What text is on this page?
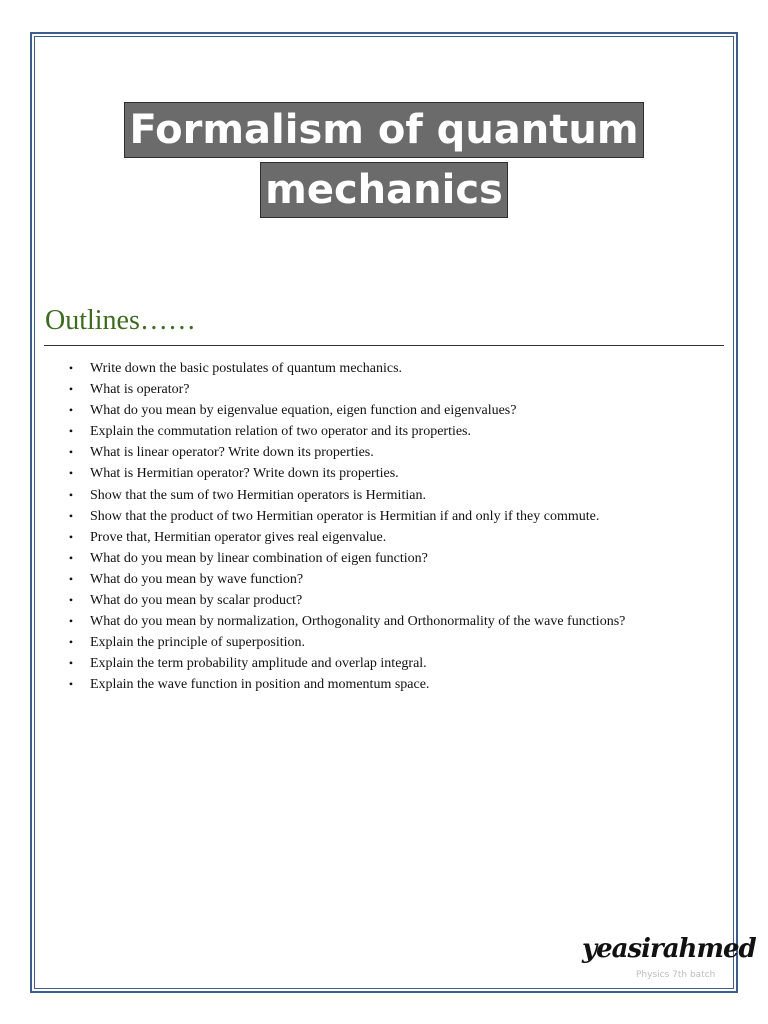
Formalism of quantum
mechanics
Outlines……
• Write down the basic postulates of quantum mechanics.
• What is operator?
• What do you mean by eigenvalue equation, eigen function and eigenvalues?
• Explain the commutation relation of two operator and its properties.
• What is linear operator? Write down its properties.
• What is Hermitian operator? Write down its properties.
• Show that the sum of two Hermitian operators is Hermitian.
• Show that the product of two Hermitian operator is Hermitian if and only if they commute.
• Prove that, Hermitian operator gives real eigenvalue.
• What do you mean by linear combination of eigen function?
• What do you mean by wave function?
• What do you mean by scalar product?
• What do you mean by normalization, Orthogonality and Orthonormality of the wave functions?
• Explain the principle of superposition.
• Explain the term probability amplitude and overlap integral.
• Explain the wave function in position and momentum space.
yeasirahmed
Physics 7th batch
